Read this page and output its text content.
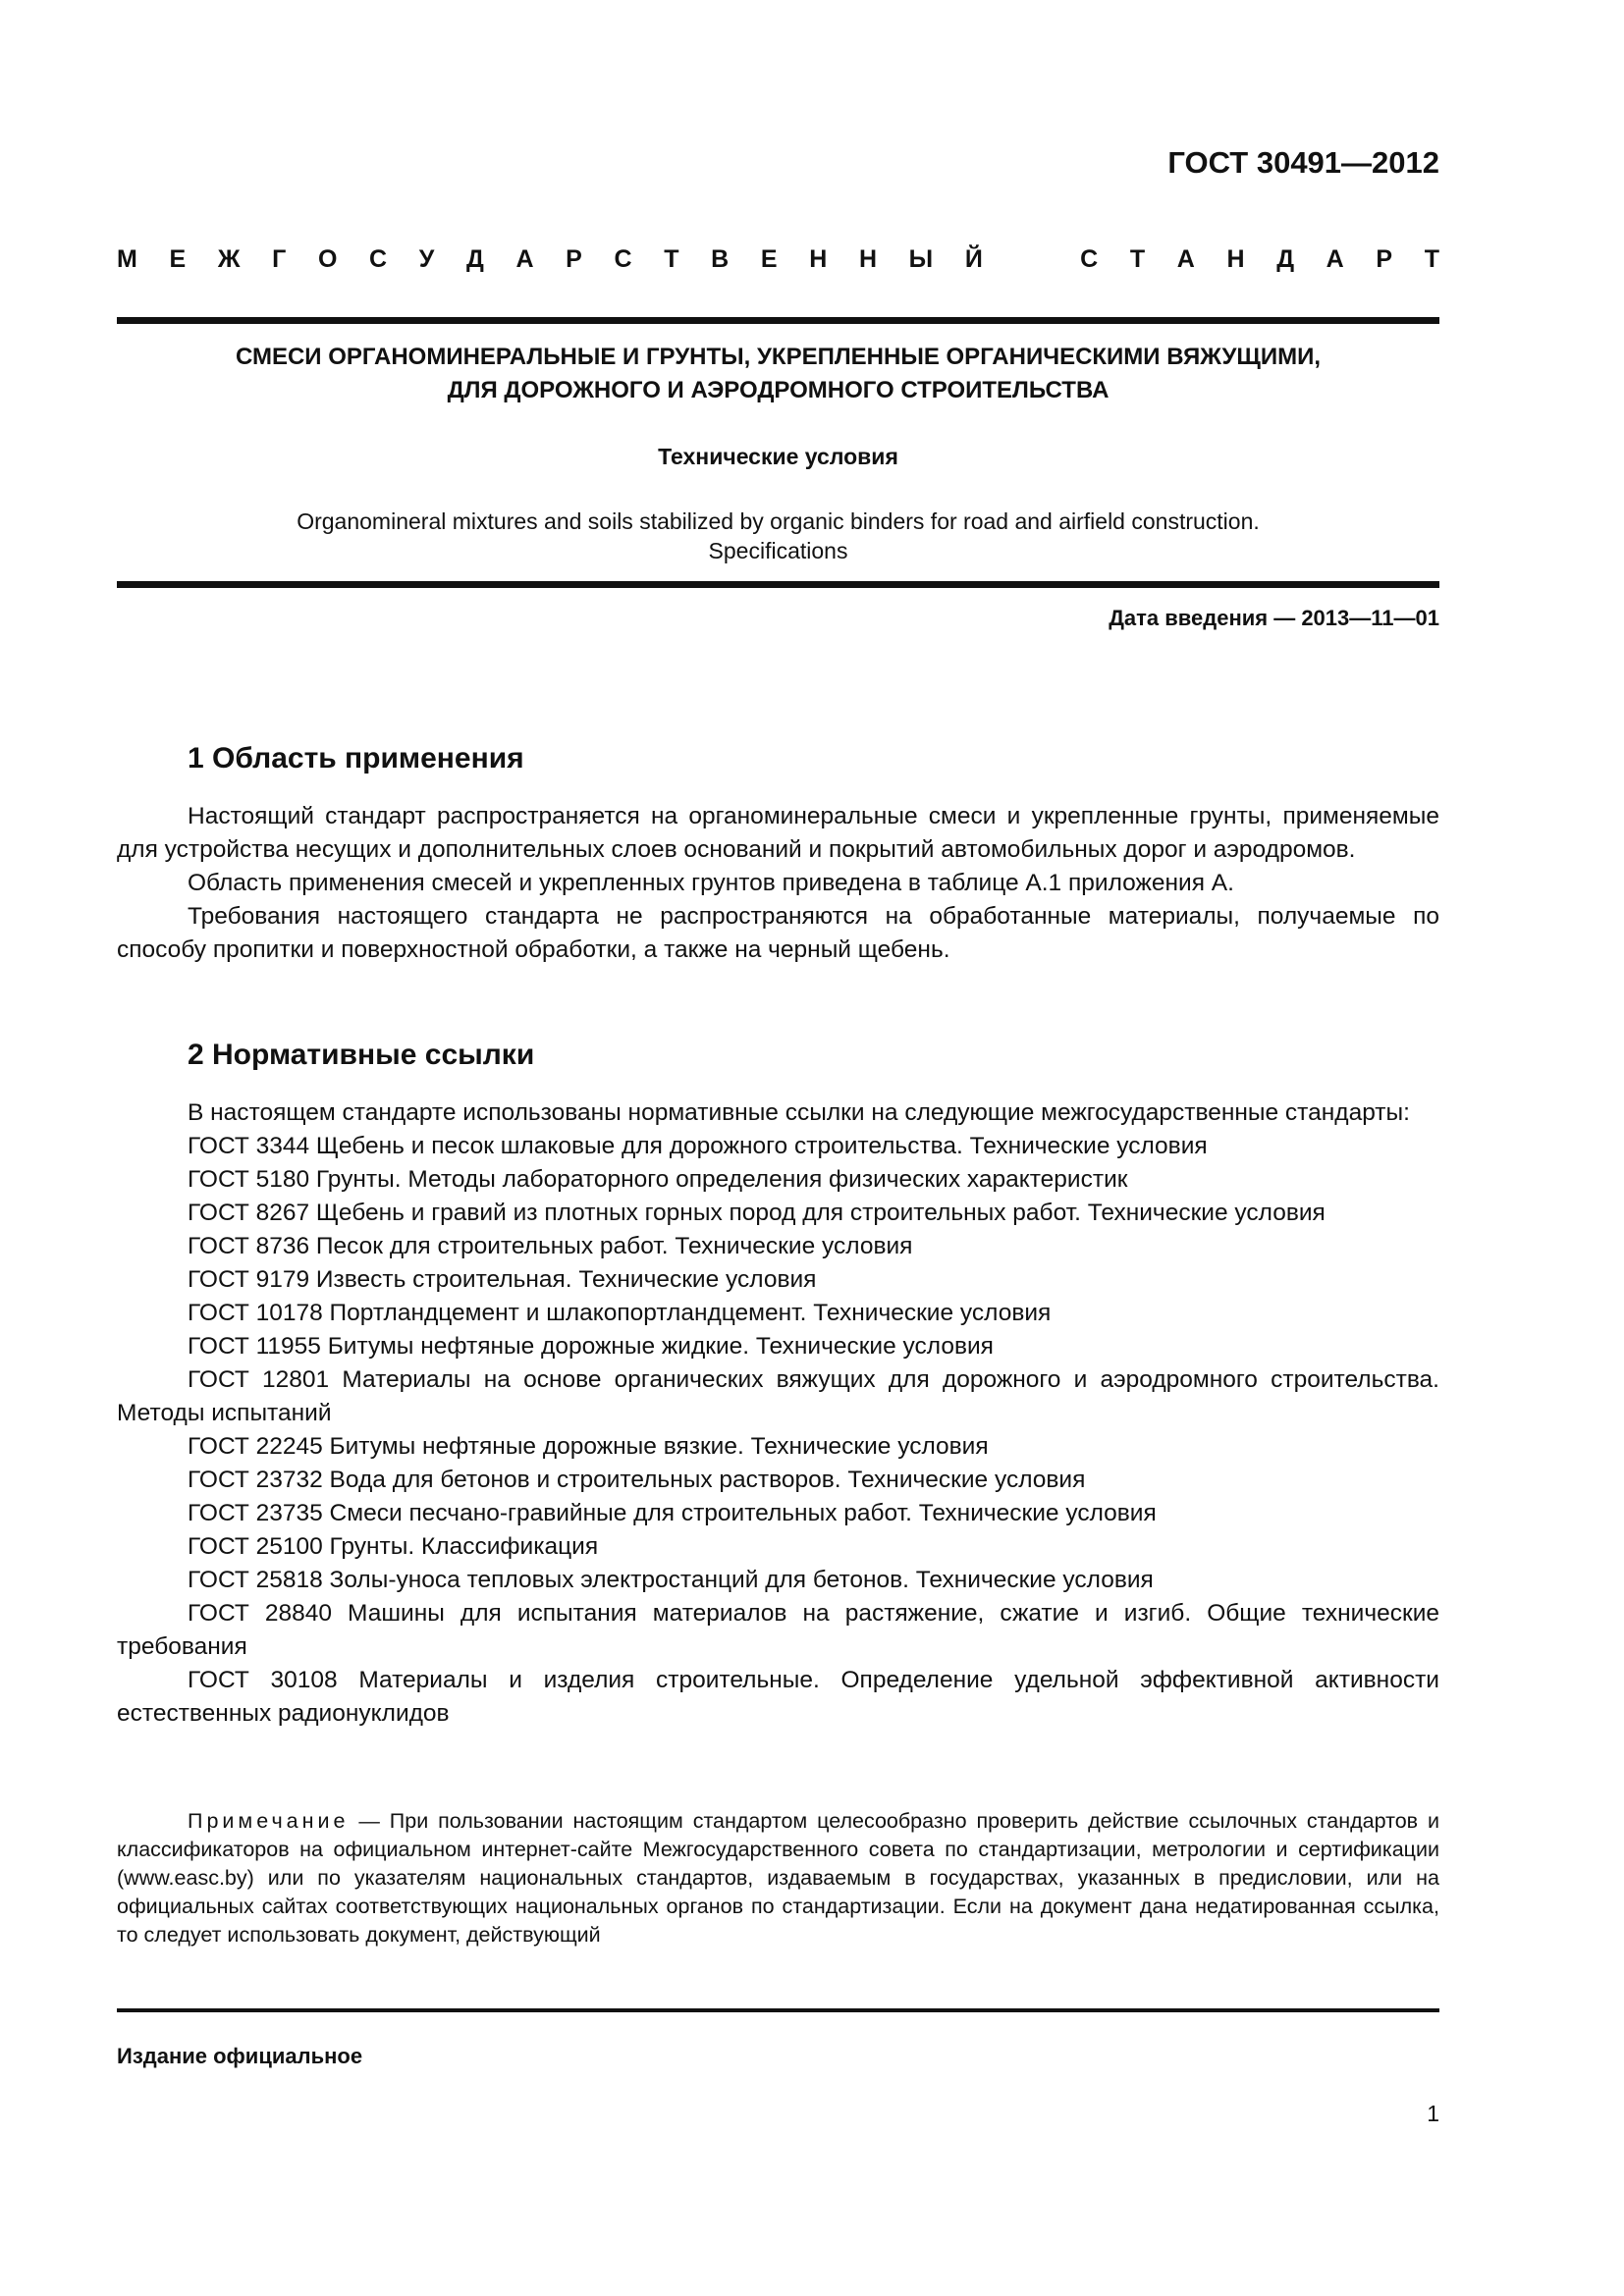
ГОСТ 30491—2012
М Е Ж Г О С У Д А Р С Т В Е Н Н Ы Й	С Т А Н Д А Р Т
СМЕСИ ОРГАНОМИНЕРАЛЬНЫЕ И ГРУНТЫ, УКРЕПЛЕННЫЕ ОРГАНИЧЕСКИМИ ВЯЖУЩИМИ,
ДЛЯ ДОРОЖНОГО И АЭРОДРОМНОГО СТРОИТЕЛЬСТВА
Технические условия
Organomineral mixtures and soils stabilized by organic binders for road and airfield construction.
Specifications
Дата введения — 2013—11—01
1 Область применения

Настоящий стандарт распространяется на органоминеральные смеси и укрепленные грунты, применяемые для устройства несущих и дополнительных слоев оснований и покрытий автомобильных дорог и аэродромов.

Область применения смесей и укрепленных грунтов приведена в таблице А.1 приложения А.

Требования настоящего стандарта не распространяются на обработанные материалы, получаемые по способу пропитки и поверхностной обработки, а также на черный щебень.

2 Нормативные ссылки

В настоящем стандарте использованы нормативные ссылки на следующие межгосударственные стандарты:

ГОСТ 3344 Щебень и песок шлаковые для дорожного строительства. Технические условия

ГОСТ 5180 Грунты. Методы лабораторного определения физических характеристик

ГОСТ 8267 Щебень и гравий из плотных горных пород для строительных работ. Технические условия

ГОСТ 8736 Песок для строительных работ. Технические условия

ГОСТ 9179 Известь строительная. Технические условия

ГОСТ 10178 Портландцемент и шлакопортландцемент. Технические условия

ГОСТ 11955 Битумы нефтяные дорожные жидкие. Технические условия

ГОСТ 12801 Материалы на основе органических вяжущих для дорожного и аэродромного строительства. Методы испытаний

ГОСТ 22245 Битумы нефтяные дорожные вязкие. Технические условия

ГОСТ 23732 Вода для бетонов и строительных растворов. Технические условия

ГОСТ 23735 Смеси песчано-гравийные для строительных работ. Технические условия

ГОСТ 25100 Грунты. Классификация

ГОСТ 25818 Золы-уноса тепловых электростанций для бетонов. Технические условия

ГОСТ 28840 Машины для испытания материалов на растяжение, сжатие и изгиб. Общие технические требования

ГОСТ 30108 Материалы и изделия строительные. Определение удельной эффективной активности естественных радионуклидов

Примечание — При пользовании настоящим стандартом целесообразно проверить действие ссылочных стандартов и классификаторов на официальном интернет-сайте Межгосударственного совета по стандартизации, метрологии и сертификации (www.easc.by) или по указателям национальных стандартов, издаваемым в государствах, указанных в предисловии, или на официальных сайтах соответствующих национальных органов по стандартизации. Если на документ дана недатированная ссылка, то следует использовать документ, действующий

Издание официальное
1
